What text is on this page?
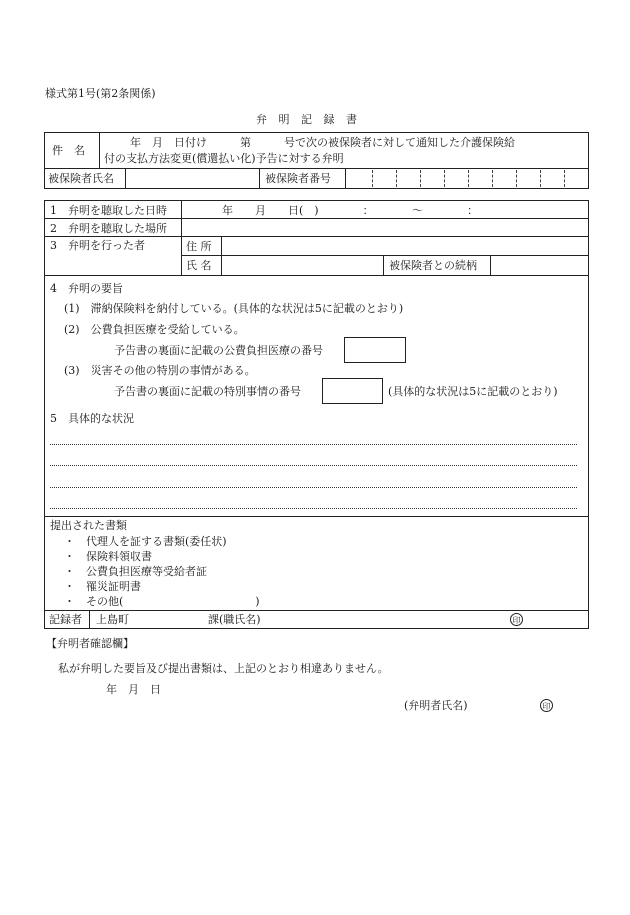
様式第1号(第2条関係)
弁 明 記 録 書
件　名
　　年　月　日付け　　　第　　　号で次の被保険者に対して通知した介護保険給
付の支払方法変更(償還払い化)予告に対する弁明
被保険者氏名	被保険者番号
1　弁明を聴取した日時	年　　月　　日(　)　　　　：　　　　～　　　　：
2　弁明を聴取した場所
3　弁明を行った者	住 所
氏 名	被保険者との続柄
4　弁明の要旨
(1)　滞納保険料を納付している。(具体的な状況は5に記載のとおり)
(2)　公費負担医療を受給している。
予告書の裏面に記載の公費負担医療の番号
(3)　災害その他の特別の事情がある。
予告書の裏面に記載の特別事情の番号	(具体的な状況は5に記載のとおり)
5　具体的な状況
提出された書類
・　代理人を証する書類(委任状)
・　保険料領収書
・　公費負担医療等受給者証
・　罹災証明書
・　その他(　　　　　　　　　　　　)
記録者 上島町	課(職氏名)	印
【弁明者確認欄】
私が弁明した要旨及び提出書類は、上記のとおり相違ありません。
年　月　日
(弁明者氏名)	印
